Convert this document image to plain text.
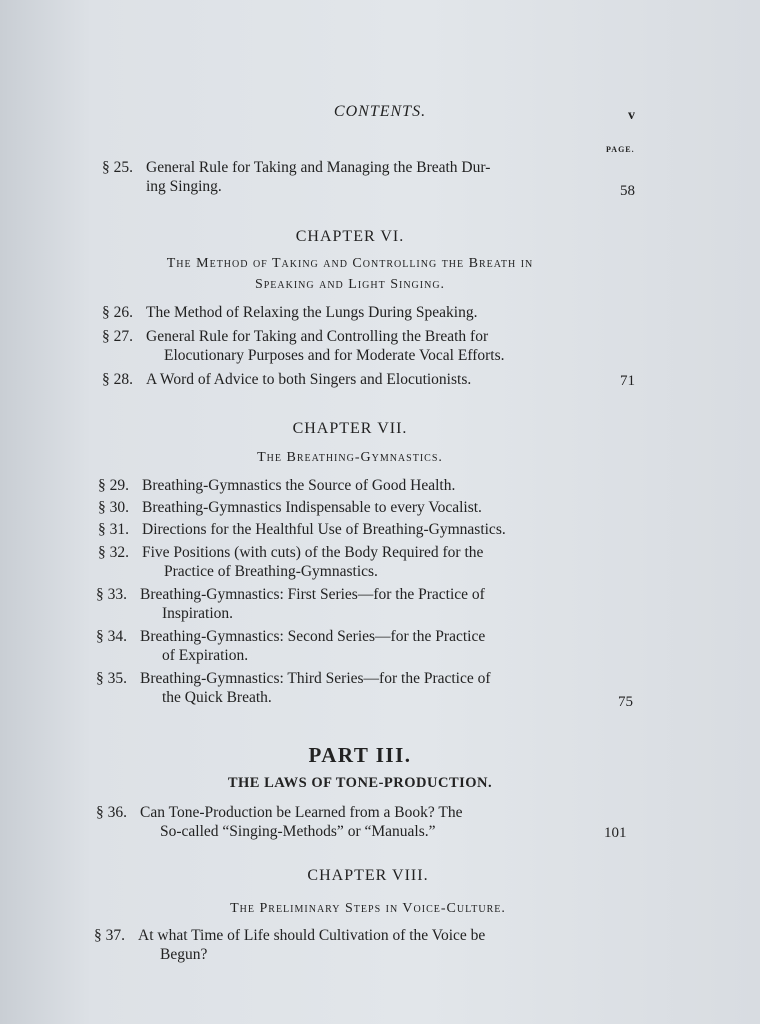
CONTENTS.	v
PAGE.
§ 25. General Rule for Taking and Managing the Breath Dur-
ing Singing.	58
CHAPTER VI.
The Method of Taking and Controlling the Breath in
Speaking and Light Singing.
§ 26. The Method of Relaxing the Lungs During Speaking.
§ 27. General Rule for Taking and Controlling the Breath for
Elocutionary Purposes and for Moderate Vocal Efforts.
§ 28. A Word of Advice to both Singers and Elocutionists.	71
CHAPTER VII.
The Breathing-Gymnastics.
§ 29. Breathing-Gymnastics the Source of Good Health.
§ 30. Breathing-Gymnastics Indispensable to every Vocalist.
§ 31. Directions for the Healthful Use of Breathing-Gymnastics.
§ 32. Five Positions (with cuts) of the Body Required for the
Practice of Breathing-Gymnastics.
§ 33. Breathing-Gymnastics: First Series—for the Practice of
Inspiration.
§ 34. Breathing-Gymnastics: Second Series—for the Practice
of Expiration.
§ 35. Breathing-Gymnastics: Third Series—for the Practice of
the Quick Breath.	75
PART III.
THE LAWS OF TONE-PRODUCTION.
§ 36. Can Tone-Production be Learned from a Book? The
So-called “Singing-Methods” or “Manuals.”	101
CHAPTER VIII.
The Preliminary Steps in Voice-Culture.
§ 37. At what Time of Life should Cultivation of the Voice be
Begun?
